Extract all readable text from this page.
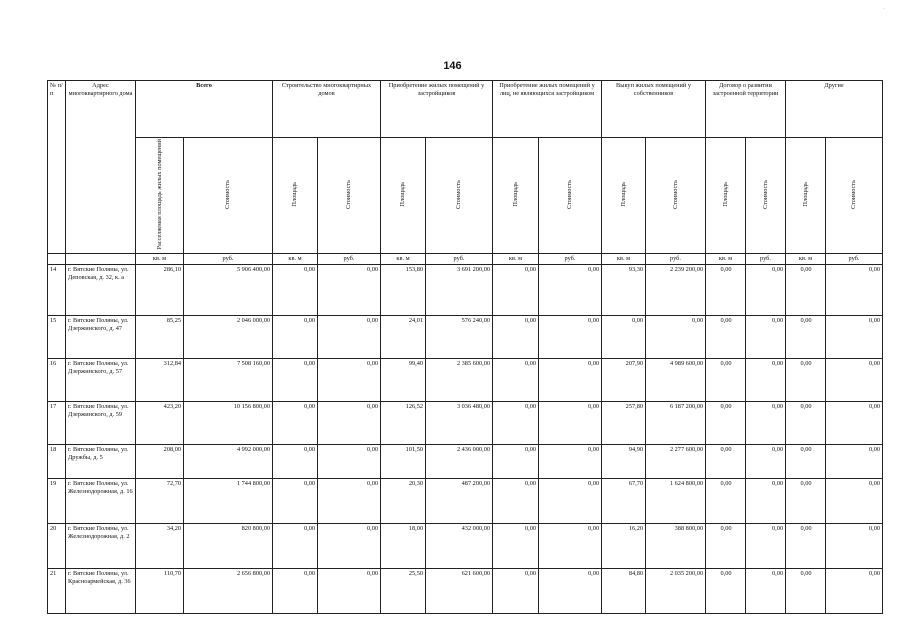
·
146
№ п/п	Адрес многоквартирного дома	Всего		Строительство многоквартирных домов		Приобретение жилых помещений у застройщиков		Приобретение жилых помещений у лиц, не являющихся застройщиком		Выкуп жилых помещений у собственников		Договор о развитии застроенной территории		Другие	
		Расселяемая площадь жилых помещений	Стоимость	Площадь	Стоимость	Площадь	Стоимость	Площадь	Стоимость	Площадь	Стоимость	Площадь	Стоимость	Площадь	Стоимость
		кв. м	руб.	кв. м	руб.	кв. м	руб.	кв. м	руб.	кв. м	руб.	кв. м	руб.	кв. м	руб.
14	г. Вятские Поляны, ул. Деповская, д. 32, к. а	286,10	5 906 400,00	0,00	0,00	153,80	3 691 200,00	0,00	0,00	93,30	2 239 200,00	0,00	0,00	0,00	0,00
15	г. Вятские Поляны, ул. Дзержинского, д. 47	85,25	2 046 000,00	0,00	0,00	24,01	576 240,00	0,00	0,00	0,00	0,00	0,00	0,00	0,00	0,00
16	г. Вятские Поляны, ул. Дзержинского, д. 57	312,84	7 508 160,00	0,00	0,00	99,40	2 385 600,00	0,00	0,00	207,90	4 989 600,00	0,00	0,00	0,00	0,00
17	г. Вятские Поляны, ул. Дзержинского, д. 59	423,20	10 156 800,00	0,00	0,00	126,52	3 036 480,00	0,00	0,00	257,80	6 187 200,00	0,00	0,00	0,00	0,00
18	г. Вятские Поляны, ул. Дружбы, д. 5	208,00	4 992 000,00	0,00	0,00	101,50	2 436 000,00	0,00	0,00	94,90	2 277 600,00	0,00	0,00	0,00	0,00
19	г. Вятские Поляны, ул. Железнодорожная, д. 16	72,70	1 744 800,00	0,00	0,00	20,30	487 200,00	0,00	0,00	67,70	1 624 800,00	0,00	0,00	0,00	0,00
20	г. Вятские Поляны, ул. Железнодорожная, д. 2	34,20	820 800,00	0,00	0,00	18,00	432 000,00	0,00	0,00	16,20	388 800,00	0,00	0,00	0,00	0,00
21	г. Вятские Поляны, ул. Красноармейская, д. 36	110,70	2 656 800,00	0,00	0,00	25,50	621 600,00	0,00	0,00	84,80	2 035 200,00	0,00	0,00	0,00	0,00
